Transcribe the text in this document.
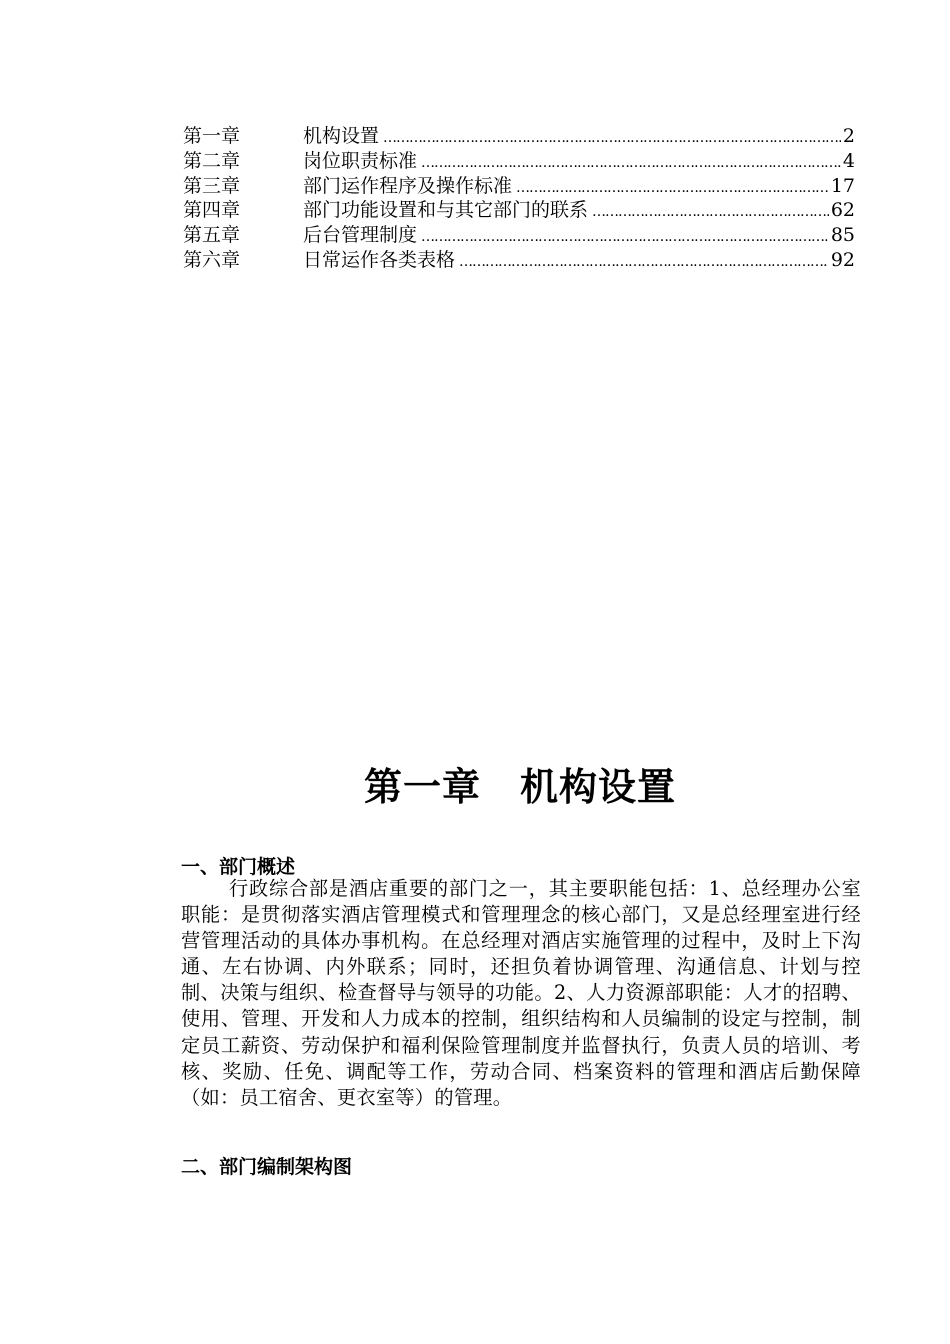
第一章	机构设置 …………………………………………………………………………………………………………………………………………………………………	2
第二章	岗位职责标准 …………………………………………………………………………………………………………………………………………………………………	4
第三章	部门运作程序及操作标准 …………………………………………………………………………………………………………………………………………………………………	17
第四章	部门功能设置和与其它部门的联系 …………………………………………………………………………………………………………………………………………………………………	62
第五章	后台管理制度 …………………………………………………………………………………………………………………………………………………………………	85
第六章	日常运作各类表格 …………………………………………………………………………………………………………………………………………………………………	92
第一章　机构设置
一、部门概述
行政综合部是酒店重要的部门之一，其主要职能包括：1、总经理办公室职能：是贯彻落实酒店管理模式和管理理念的核心部门，又是总经理室进行经营管理活动的具体办事机构。在总经理对酒店实施管理的过程中，及时上下沟通、左右协调、内外联系；同时，还担负着协调管理、沟通信息、计划与控制、决策与组织、检查督导与领导的功能。2、人力资源部职能：人才的招聘、使用、管理、开发和人力成本的控制，组织结构和人员编制的设定与控制，制定员工薪资、劳动保护和福利保险管理制度并监督执行，负责人员的培训、考核、奖励、任免、调配等工作，劳动合同、档案资料的管理和酒店后勤保障（如：员工宿舍、更衣室等）的管理。
二、部门编制架构图
